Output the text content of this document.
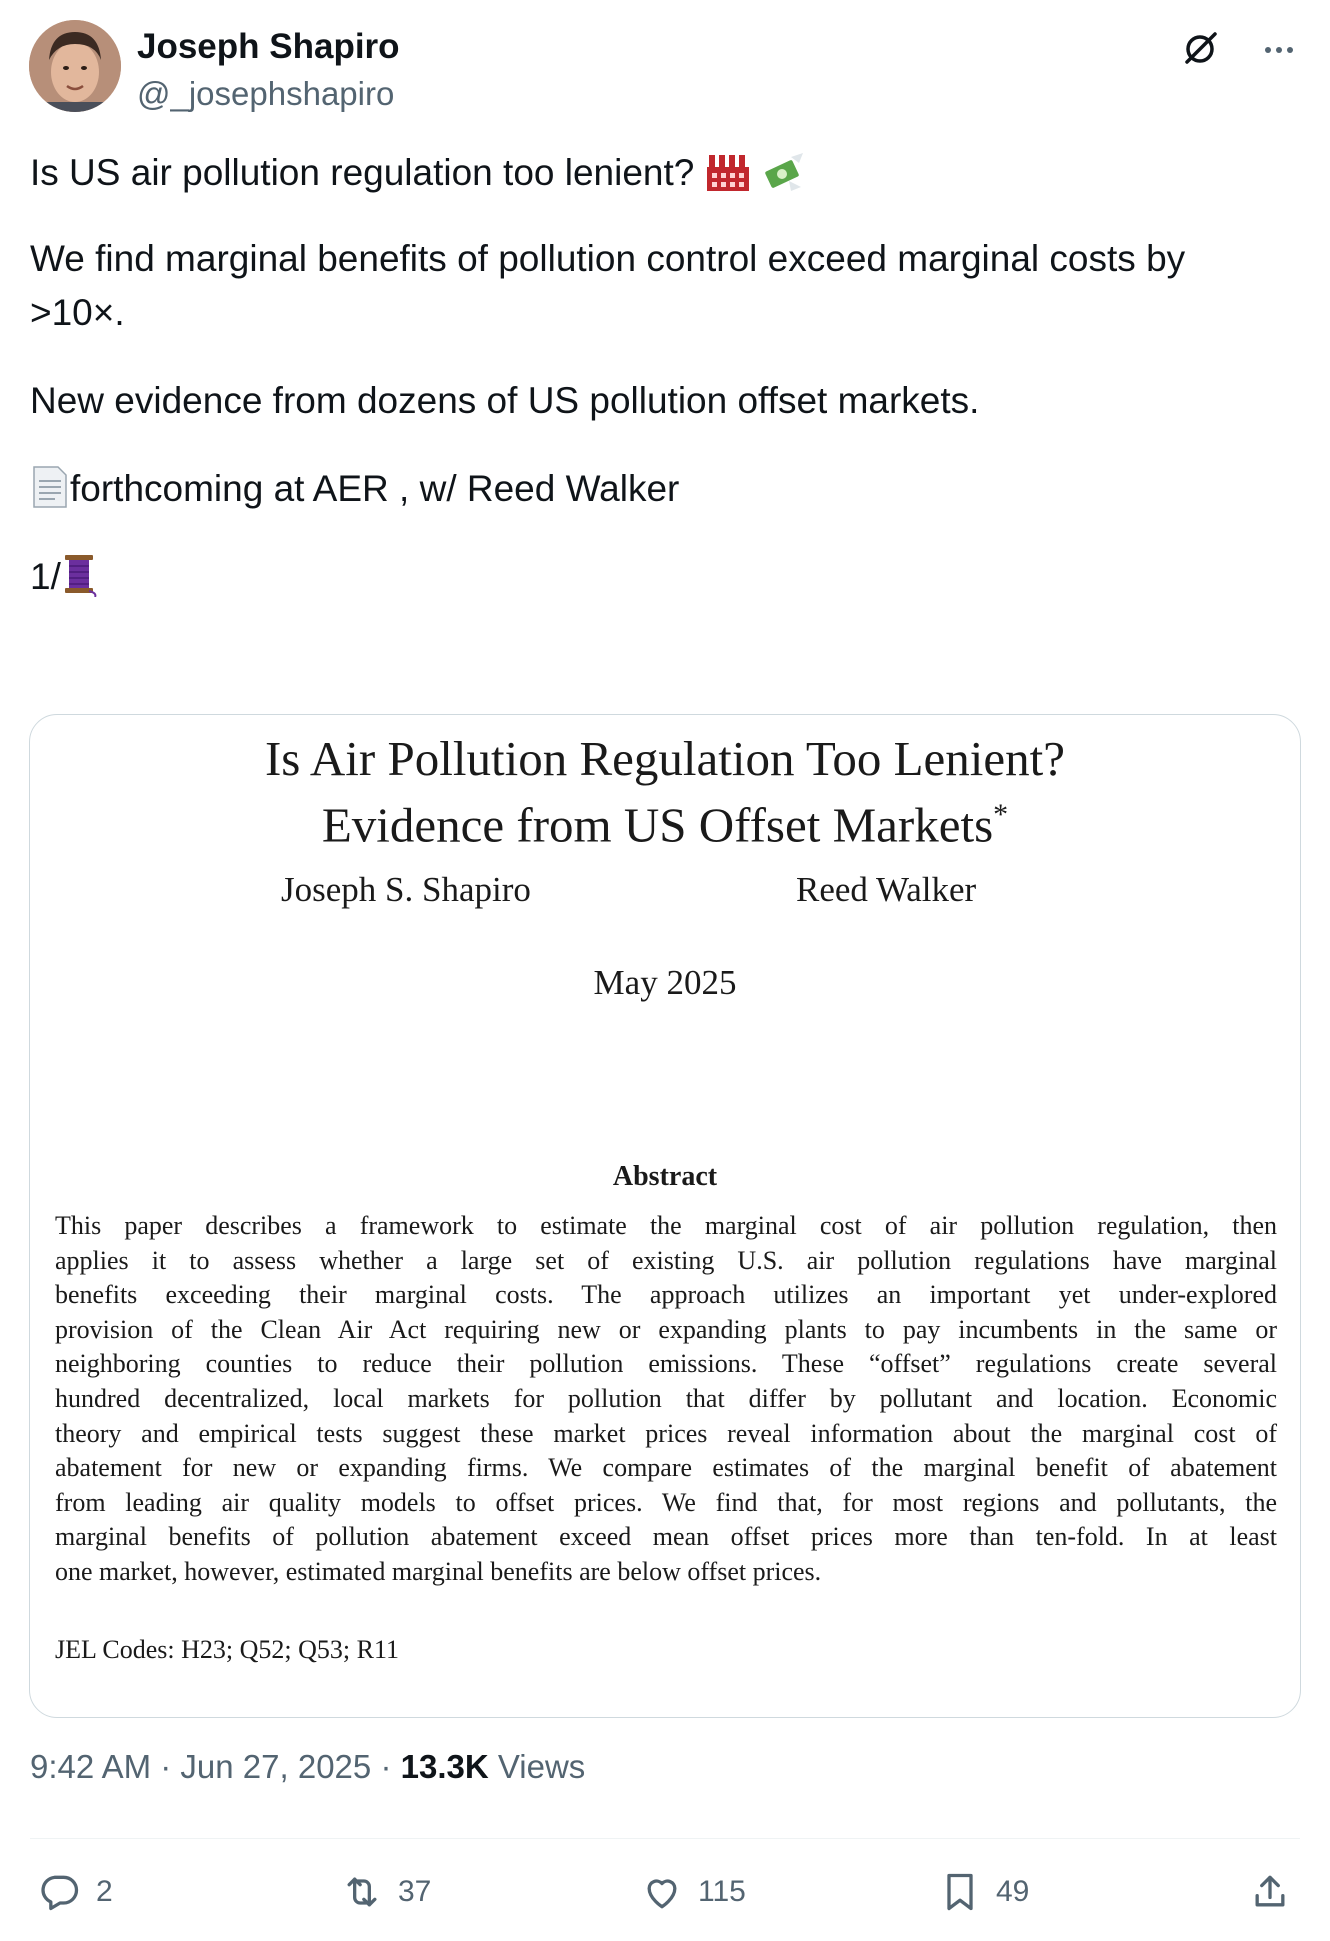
Joseph Shapiro
@_josephshapiro

Is US air pollution regulation too lenient?

We find marginal benefits of pollution control exceed marginal costs by

>10×.

New evidence from dozens of US pollution offset markets.

forthcoming at AER , w/ Reed Walker

1/

Is Air Pollution Regulation Too Lenient?
Evidence from US Offset Markets*
Joseph S. Shapiro	Reed Walker
May 2025
Abstract
This paper describes a framework to estimate the marginal cost of air pollution regulation, then
applies it to assess whether a large set of existing U.S. air pollution regulations have marginal
benefits exceeding their marginal costs. The approach utilizes an important yet under-explored
provision of the Clean Air Act requiring new or expanding plants to pay incumbents in the same or
neighboring counties to reduce their pollution emissions. These “offset” regulations create several
hundred decentralized, local markets for pollution that differ by pollutant and location. Economic
theory and empirical tests suggest these market prices reveal information about the marginal cost of
abatement for new or expanding firms. We compare estimates of the marginal benefit of abatement
from leading air quality models to offset prices. We find that, for most regions and pollutants, the
marginal benefits of pollution abatement exceed mean offset prices more than ten-fold. In at least
one market, however, estimated marginal benefits are below offset prices.
JEL Codes: H23; Q52; Q53; R11
9:42 AM · Jun 27, 2025 · 13.3K Views
2	37	115	49
